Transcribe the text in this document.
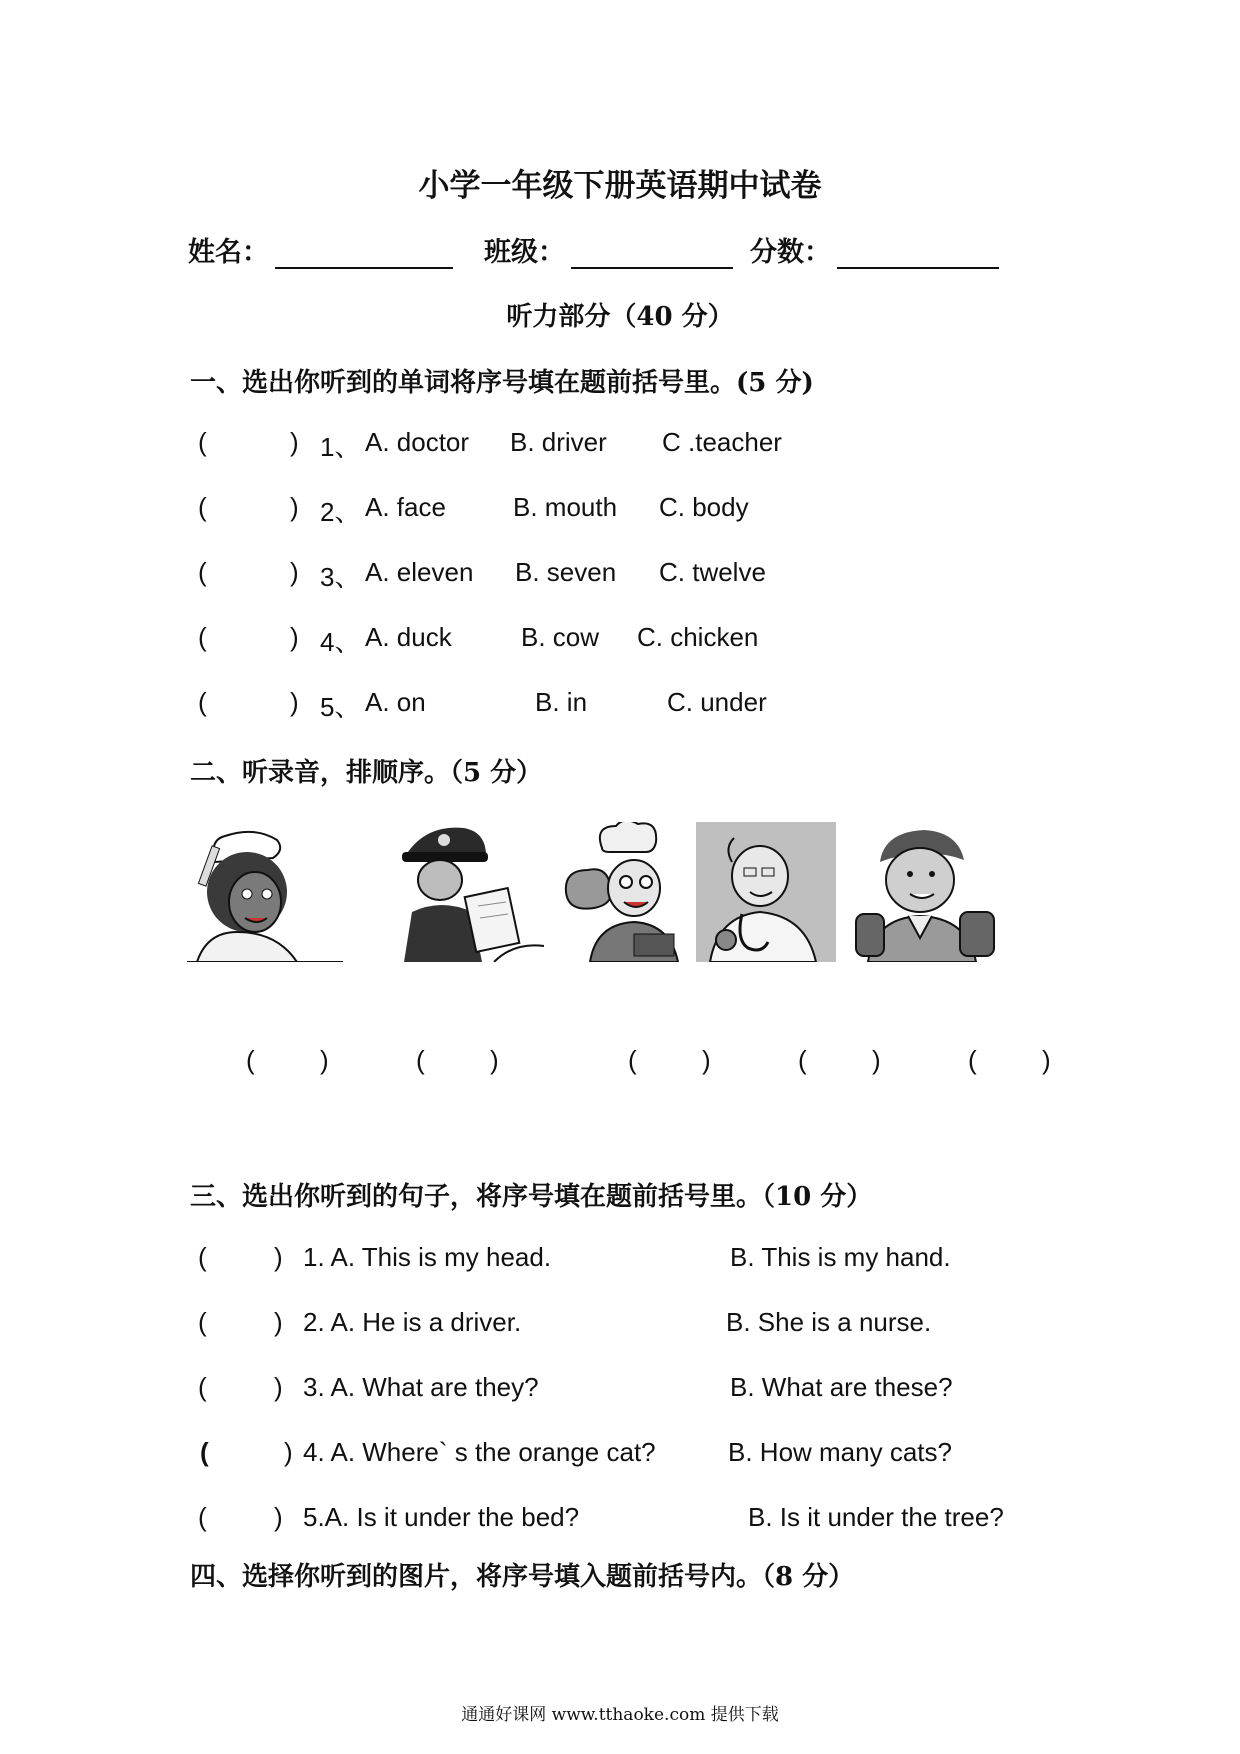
小学一年级下册英语期中试卷
姓名：	班级：	分数：
听力部分（40 分）
一、选出你听到的单词将序号填在题前括号里。(5 分)
(	) 1、 A. doctor B. driver C .teacher
(	) 2、 A. face	B. mouth C. body
(	) 3、 A. eleven B. seven C. twelve
(	) 4、 A. duck	B. cow C. chicken
(	) 5、 A. on	B. in	C. under
二、听录音，排顺序。（5 分）
(	)	(	)	(	)	(	)	(	)
三、选出你听到的句子，将序号填在题前括号里。（10 分）
(	) 1. A. This is my head.	B. This is my hand.
(	) 2. A. He is a driver.	B. She is a nurse.
(	) 3. A. What are they?	B. What are these?
(	) 4. A. Where` s the orange cat?	B. How many cats?
(	) 5.A. Is it under the bed?	B. Is it under the tree?
四、选择你听到的图片，将序号填入题前括号内。（8 分）
通通好课网 www.tthaoke.com 提供下载
